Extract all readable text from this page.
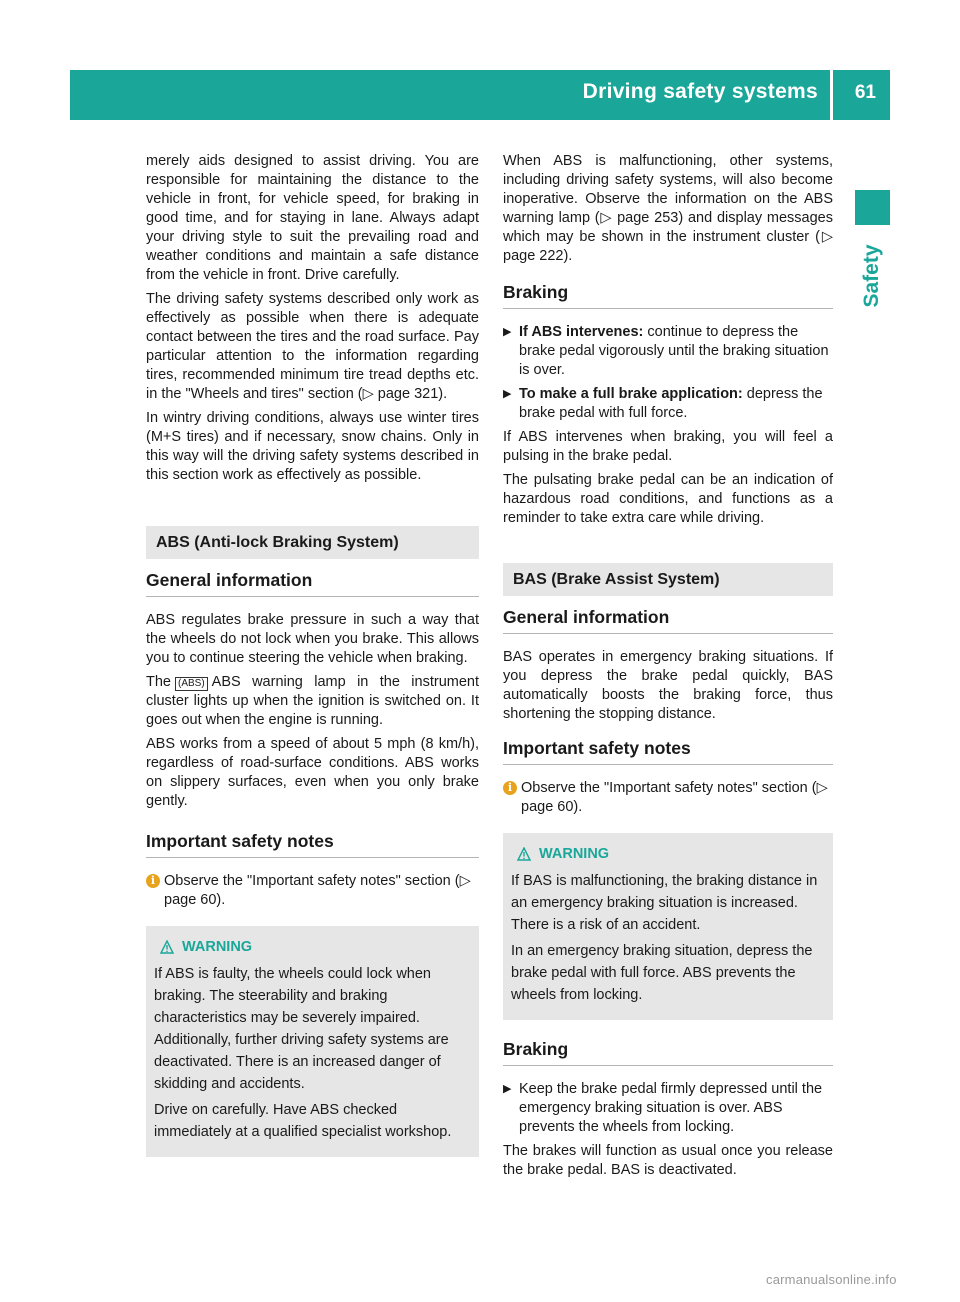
Driving safety systems 61
Safety

merely aids designed to assist driving. You are responsible for maintaining the distance to the vehicle in front, for vehicle speed, for braking in good time, and for staying in lane. Always adapt your driving style to suit the prevailing road and weather conditions and maintain a safe distance from the vehicle in front. Drive carefully.

The driving safety systems described only work as effectively as possible when there is adequate contact between the tires and the road surface. Pay particular attention to the information regarding tires, recommended minimum tire tread depths etc. in the "Wheels and tires" section (▷ page 321).

In wintry driving conditions, always use winter tires (M+S tires) and if necessary, snow chains. Only in this way will the driving safety systems described in this section work as effectively as possible.

ABS (Anti-lock Braking System)
General information

ABS regulates brake pressure in such a way that the wheels do not lock when you brake. This allows you to continue steering the vehicle when braking.

The (ABS) ABS warning lamp in the instrument cluster lights up when the ignition is switched on. It goes out when the engine is running.

ABS works from a speed of about 5 mph (8 km/h), regardless of road-surface conditions. ABS works on slippery surfaces, even when you only brake gently.

Important safety notes
i Observe the "Important safety notes" section (▷ page 60).
WARNING

If ABS is faulty, the wheels could lock when braking. The steerability and braking characteristics may be severely impaired. Additionally, further driving safety systems are deactivated. There is an increased danger of skidding and accidents.

Drive on carefully. Have ABS checked immediately at a qualified specialist workshop.

When ABS is malfunctioning, other systems, including driving safety systems, will also become inoperative. Observe the information on the ABS warning lamp (▷ page 253) and display messages which may be shown in the instrument cluster (▷ page 222).

Braking
▶ If ABS intervenes: continue to depress the brake pedal vigorously until the braking situation is over.
▶ To make a full brake application: depress the brake pedal with full force.

If ABS intervenes when braking, you will feel a pulsing in the brake pedal.

The pulsating brake pedal can be an indication of hazardous road conditions, and functions as a reminder to take extra care while driving.

BAS (Brake Assist System)
General information

BAS operates in emergency braking situations. If you depress the brake pedal quickly, BAS automatically boosts the braking force, thus shortening the stopping distance.

Important safety notes
i Observe the "Important safety notes" section (▷ page 60).
WARNING

If BAS is malfunctioning, the braking distance in an emergency braking situation is increased. There is a risk of an accident.

In an emergency braking situation, depress the brake pedal with full force. ABS prevents the wheels from locking.

Braking
▶ Keep the brake pedal firmly depressed until the emergency braking situation is over. ABS prevents the wheels from locking.

The brakes will function as usual once you release the brake pedal. BAS is deactivated.

carmanualsonline.info
